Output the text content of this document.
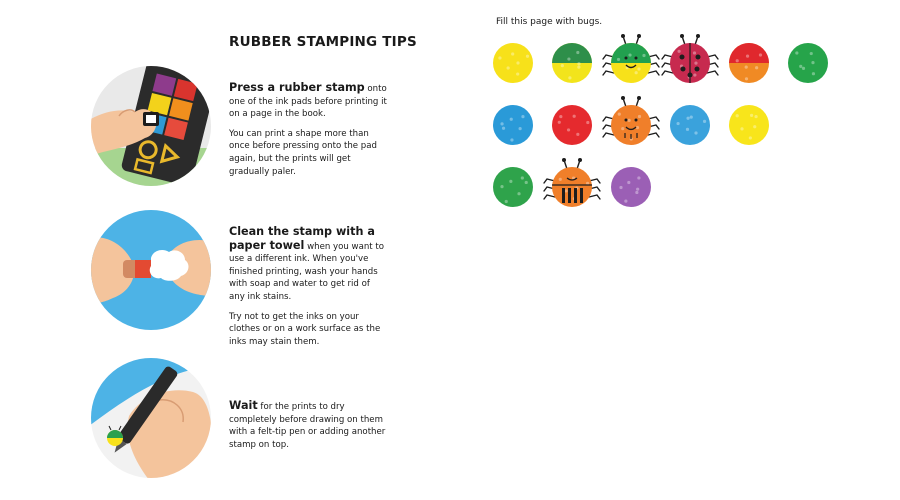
RUBBER STAMPING TIPS

Press a rubber stamp onto one of the ink pads before printing it on a page in the book.

You can print a shape more than once before pressing onto the pad again, but the prints will get gradually paler.

Clean the stamp with a paper towel when you want to use a different ink. When you've finished printing, wash your hands with soap and water to get rid of any ink stains.

Try not to get the inks on your clothes or on a work surface as the inks may stain them.

Wait for the prints to dry completely before drawing on them with a felt-tip pen or adding another stamp on top.

Fill this page with bugs.
